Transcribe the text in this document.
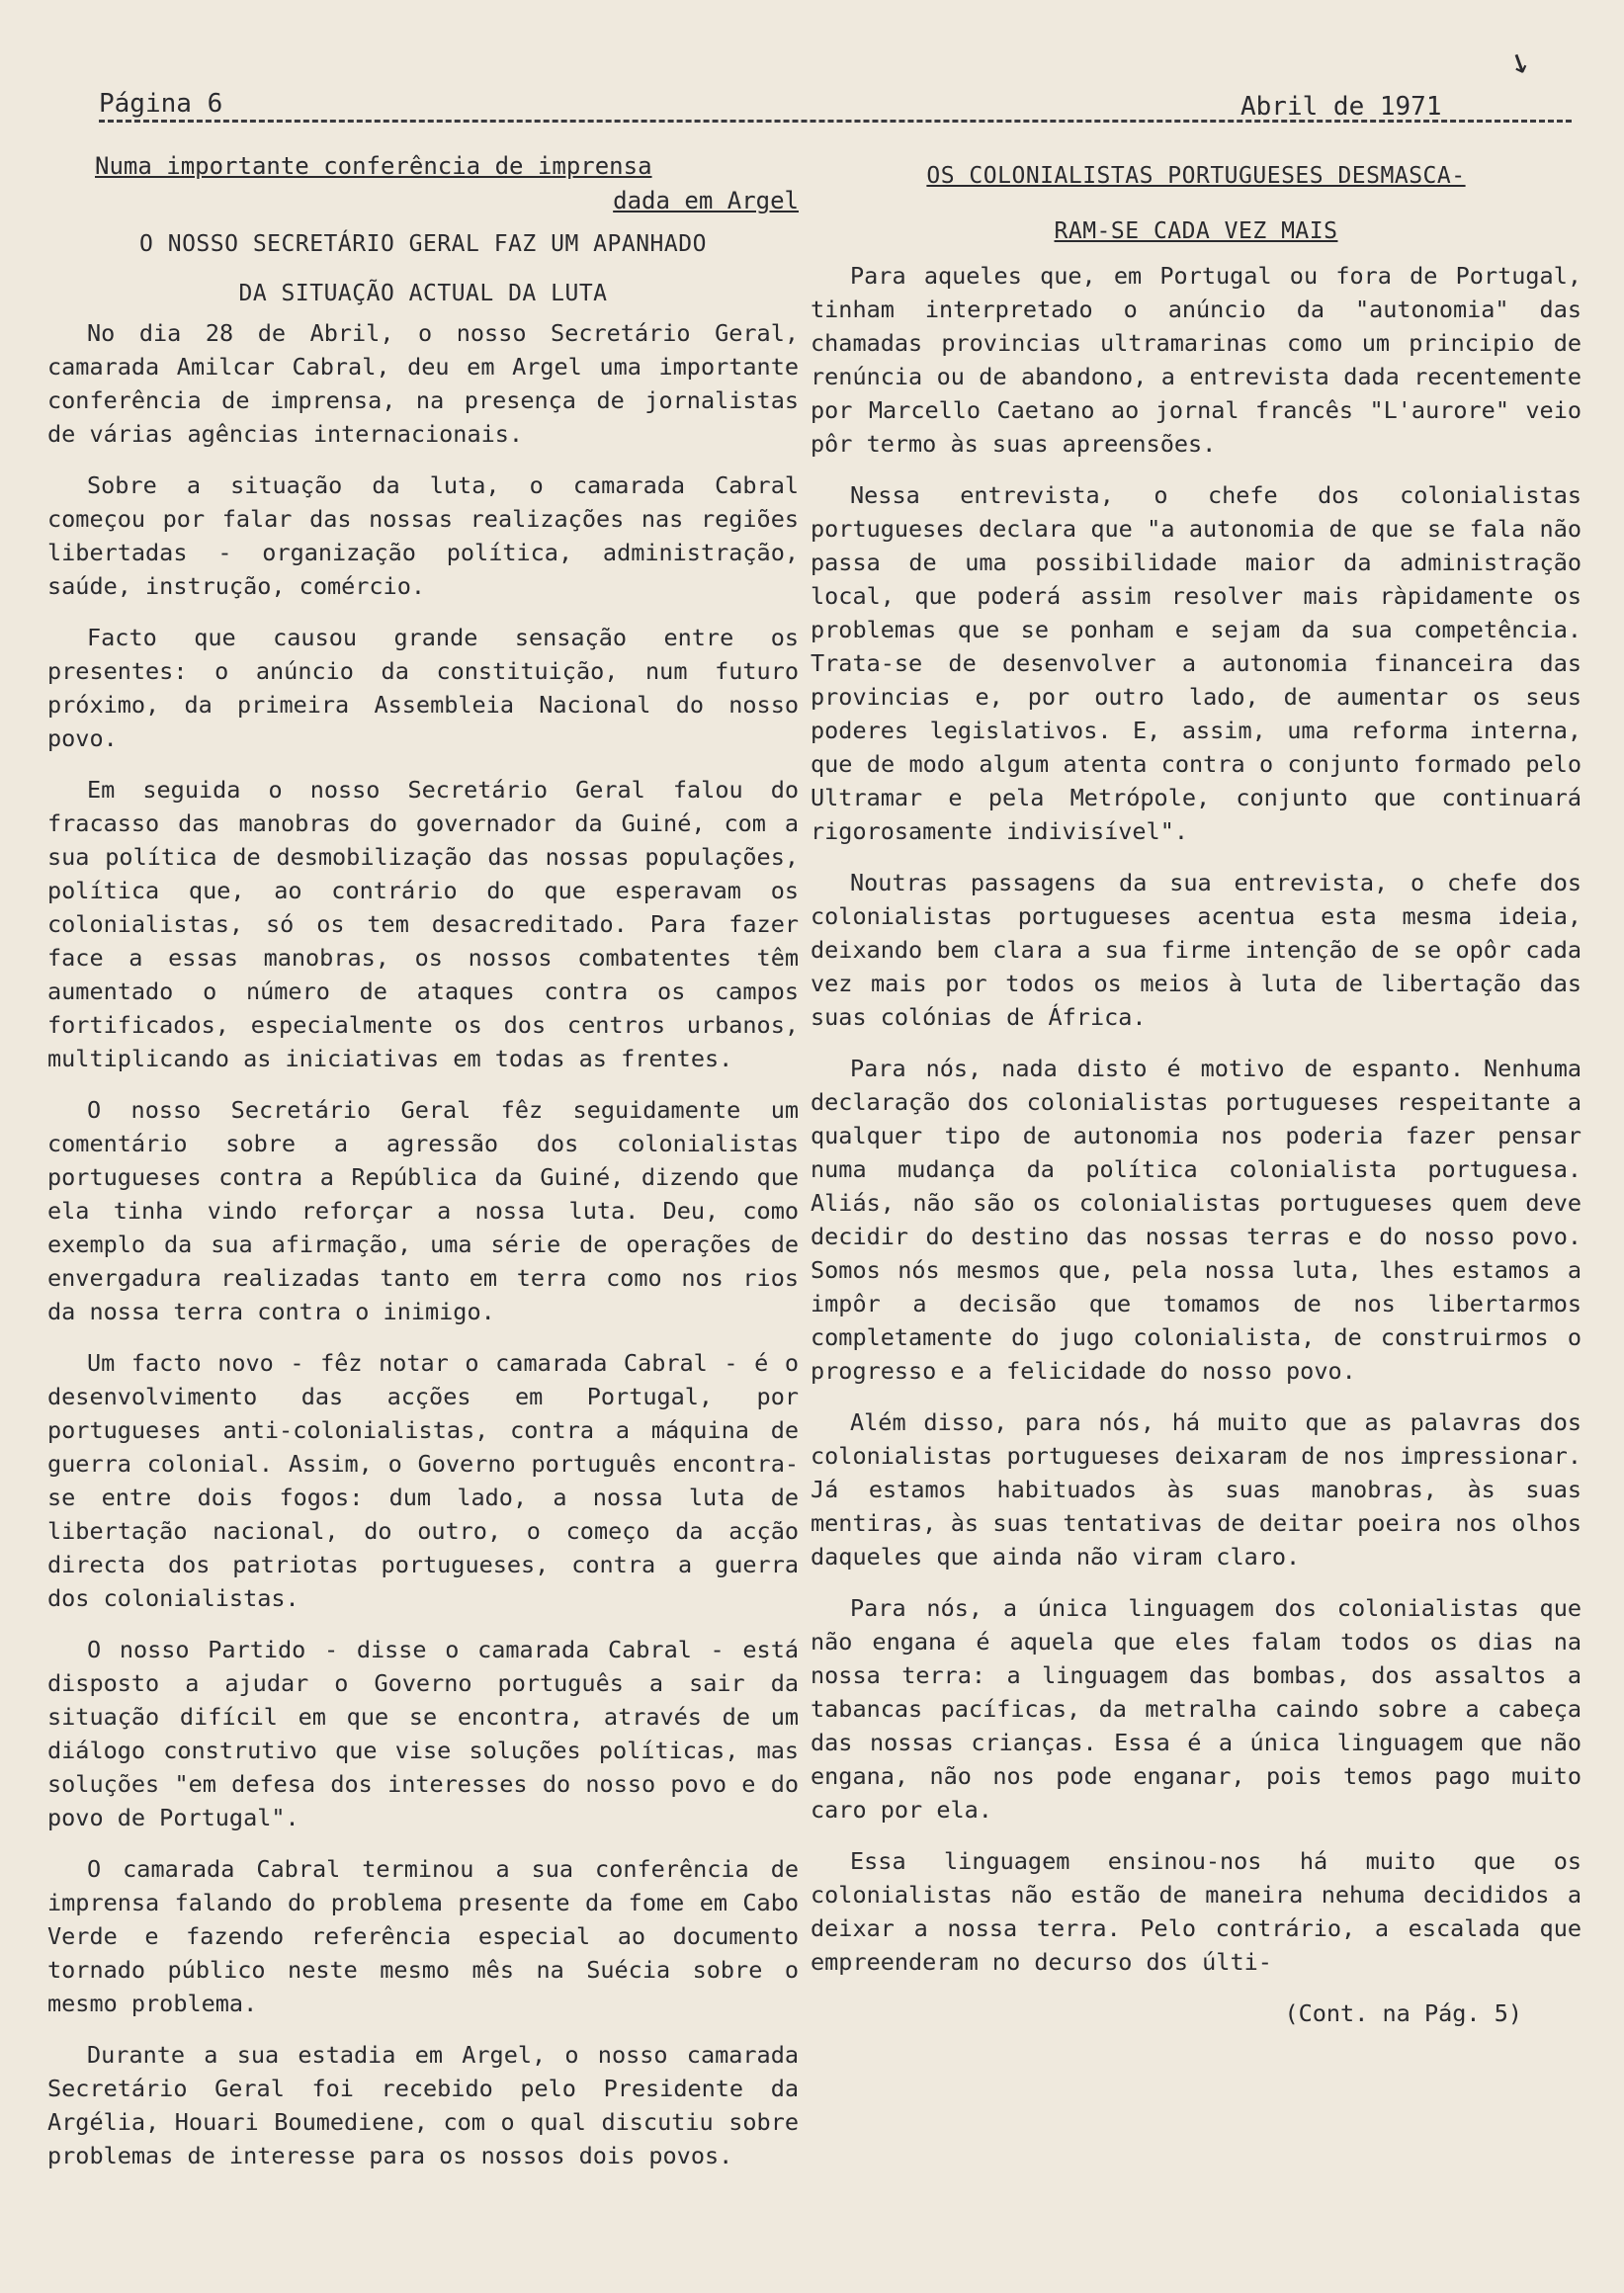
Página 6	Abril de 1971
↘
Numa importante conferência de imprensa
dada em Argel
O NOSSO SECRETÁRIO GERAL FAZ UM APANHADO
DA SITUAÇÃO ACTUAL DA LUTA

No dia 28 de Abril, o nosso Secretário Geral, camarada Amilcar Cabral, deu em Argel uma importante conferência de imprensa, na presença de jornalistas de várias agências internacionais.

Sobre a situação da luta, o camarada Cabral começou por falar das nossas realizações nas regiões libertadas - organização política, administração, saúde, instrução, comércio.

Facto que causou grande sensação entre os presentes: o anúncio da constituição, num futuro próximo, da primeira Assembleia Nacional do nosso povo.

Em seguida o nosso Secretário Geral falou do fracasso das manobras do governador da Guiné, com a sua política de desmobilização das nossas populações, política que, ao contrário do que esperavam os colonialistas, só os tem desacreditado. Para fazer face a essas manobras, os nossos combatentes têm aumentado o número de ataques contra os campos fortificados, especialmente os dos centros urbanos, multiplicando as iniciativas em todas as frentes.

O nosso Secretário Geral fêz seguidamente um comentário sobre a agressão dos colonialistas portugueses contra a República da Guiné, dizendo que ela tinha vindo reforçar a nossa luta. Deu, como exemplo da sua afirmação, uma série de operações de envergadura realizadas tanto em terra como nos rios da nossa terra contra o inimigo.

Um facto novo - fêz notar o camarada Cabral - é o desenvolvimento das acções em Portugal, por portugueses anti-colonialistas, contra a máquina de guerra colonial. Assim, o Governo português encontra-se entre dois fogos: dum lado, a nossa luta de libertação nacional, do outro, o começo da acção directa dos patriotas portugueses, contra a guerra dos colonialistas.

O nosso Partido - disse o camarada Cabral - está disposto a ajudar o Governo português a sair da situação difícil em que se encontra, através de um diálogo construtivo que vise soluções políticas, mas soluções "em defesa dos interesses do nosso povo e do povo de Portugal".

O camarada Cabral terminou a sua conferência de imprensa falando do problema presente da fome em Cabo Verde e fazendo referência especial ao documento tornado público neste mesmo mês na Suécia sobre o mesmo problema.

Durante a sua estadia em Argel, o nosso camarada Secretário Geral foi recebido pelo Presidente da Argélia, Houari Boumediene, com o qual discutiu sobre problemas de interesse para os nossos dois povos.

OS COLONIALISTAS PORTUGUESES DESMASCA-
RAM-SE CADA VEZ MAIS

Para aqueles que, em Portugal ou fora de Portugal, tinham interpretado o anúncio da "autonomia" das chamadas provincias ultramarinas como um principio de renúncia ou de abandono, a entrevista dada recentemente por Marcello Caetano ao jornal francês "L'aurore" veio pôr termo às suas apreensões.

Nessa entrevista, o chefe dos colonialistas portugueses declara que "a autonomia de que se fala não passa de uma possibilidade maior da administração local, que poderá assim resolver mais ràpidamente os problemas que se ponham e sejam da sua competência. Trata-se de desenvolver a autonomia financeira das provincias e, por outro lado, de aumentar os seus poderes legislativos. E, assim, uma reforma interna, que de modo algum atenta contra o conjunto formado pelo Ultramar e pela Metrópole, conjunto que continuará rigorosamente indivisível".

Noutras passagens da sua entrevista, o chefe dos colonialistas portugueses acentua esta mesma ideia, deixando bem clara a sua firme intenção de se opôr cada vez mais por todos os meios à luta de libertação das suas colónias de África.

Para nós, nada disto é motivo de espanto. Nenhuma declaração dos colonialistas portugueses respeitante a qualquer tipo de autonomia nos poderia fazer pensar numa mudança da política colonialista portuguesa. Aliás, não são os colonialistas portugueses quem deve decidir do destino das nossas terras e do nosso povo. Somos nós mesmos que, pela nossa luta, lhes estamos a impôr a decisão que tomamos de nos libertarmos completamente do jugo colonialista, de construirmos o progresso e a felicidade do nosso povo.

Além disso, para nós, há muito que as palavras dos colonialistas portugueses deixaram de nos impressionar. Já estamos habituados às suas manobras, às suas mentiras, às suas tentativas de deitar poeira nos olhos daqueles que ainda não viram claro.

Para nós, a única linguagem dos colonialistas que não engana é aquela que eles falam todos os dias na nossa terra: a linguagem das bombas, dos assaltos a tabancas pacíficas, da metralha caindo sobre a cabeça das nossas crianças. Essa é a única linguagem que não engana, não nos pode enganar, pois temos pago muito caro por ela.

Essa linguagem ensinou-nos há muito que os colonialistas não estão de maneira nehuma decididos a deixar a nossa terra. Pelo contrário, a escalada que empreenderam no decurso dos últi-

(Cont. na Pág. 5)
